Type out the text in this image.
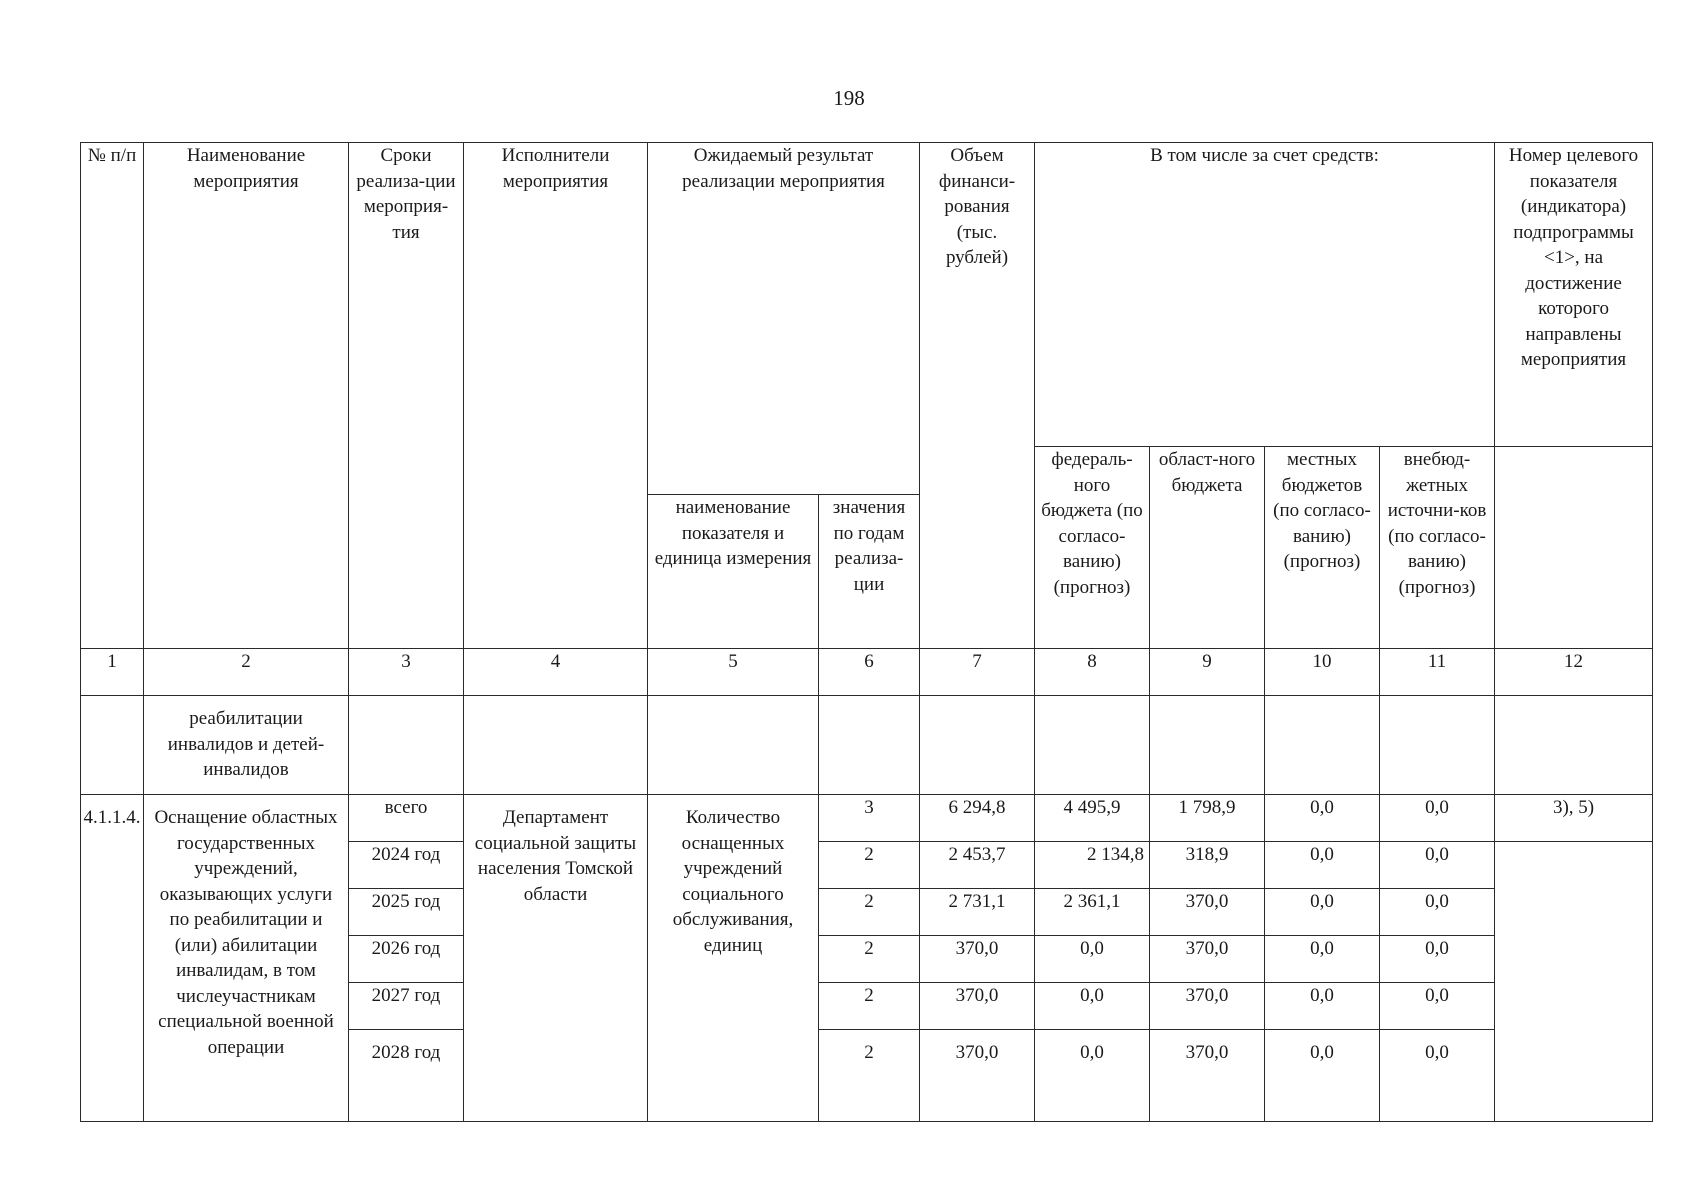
198
№ п/п	Наименование мероприятия	Сроки реализа-ции мероприя-тия	Исполнители мероприятия	Ожидаемый результат реализации мероприятия		Объем финанси-рования (тыс. рублей)	В том числе за счет средств:				Номер целевого показателя (индикатора) подпрограммы <1>, на достижение которого направлены мероприятия
							федераль-ного бюджета (по согласо-ванию) (прогноз)	област-ного бюджета	местных бюджетов (по согласо-ванию) (прогноз)	внебюд-жетных источни-ков (по согласо-ванию) (прогноз)	
				наименование показателя и единица измерения	значения по годам реализа-ции						
1	2	3	4	5	6	7	8	9	10	11	12
	реабилитации инвалидов и детей-инвалидов										
4.1.1.4.	Оснащение областных государственных учреждений, оказывающих услуги по реабилитации и (или) абилитации инвалидам, в том числеучастникам специальной военной операции	всего	Департамент социальной защиты населения Томской области	Количество оснащенных учреждений социального обслуживания, единиц	3	6 294,8	4 495,9	1 798,9	0,0	0,0	3), 5)
		2024 год			2	2 453,7	2 134,8	318,9	0,0	0,0	
		2025 год			2	2 731,1	2 361,1	370,0	0,0	0,0	
		2026 год			2	370,0	0,0	370,0	0,0	0,0	
		2027 год			2	370,0	0,0	370,0	0,0	0,0	
		2028 год			2	370,0	0,0	370,0	0,0	0,0	
